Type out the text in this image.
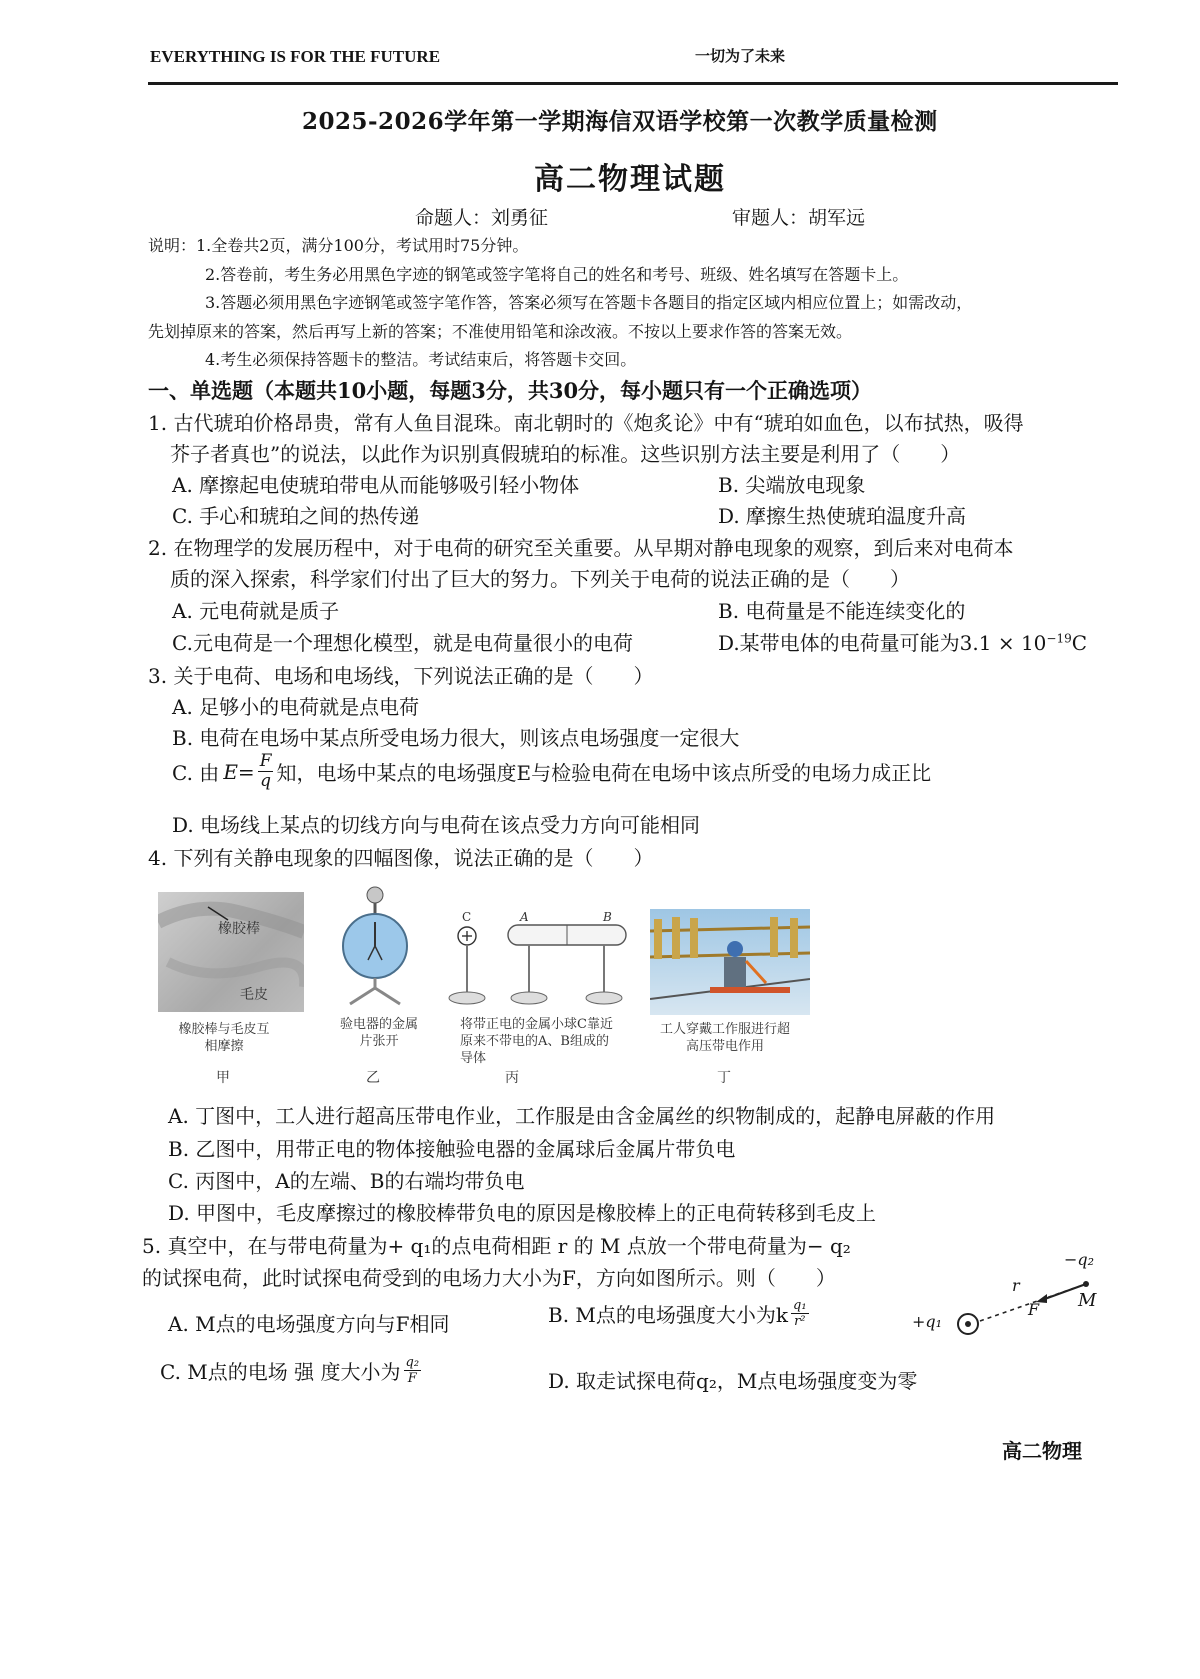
EVERYTHING IS FOR THE FUTURE	一切为了未来
2025-2026学年第一学期海信双语学校第一次教学质量检测
高二物理试题
命题人：刘勇征	审题人：胡军远
说明：1.全卷共2页，满分100分，考试用时75分钟。
2.答卷前，考生务必用黑色字迹的钢笔或签字笔将自己的姓名和考号、班级、姓名填写在答题卡上。
3.答题必须用黑色字迹钢笔或签字笔作答，答案必须写在答题卡各题目的指定区域内相应位置上；如需改动，
先划掉原来的答案，然后再写上新的答案；不准使用铅笔和涂改液。不按以上要求作答的答案无效。
4.考生必须保持答题卡的整洁。考试结束后，将答题卡交回。
一、单选题（本题共10小题，每题3分，共30分，每小题只有一个正确选项）
1. 古代琥珀价格昂贵，常有人鱼目混珠。南北朝时的《炮炙论》中有“琥珀如血色，以布拭热，吸得
芥子者真也”的说法，以此作为识别真假琥珀的标准。这些识别方法主要是利用了（　　）
A. 摩擦起电使琥珀带电从而能够吸引轻小物体	B. 尖端放电现象
C. 手心和琥珀之间的热传递	D. 摩擦生热使琥珀温度升高
2. 在物理学的发展历程中，对于电荷的研究至关重要。从早期对静电现象的观察，到后来对电荷本
质的深入探索，科学家们付出了巨大的努力。下列关于电荷的说法正确的是（　　）
A. 元电荷就是质子	B. 电荷量是不能连续变化的
C.元电荷是一个理想化模型，就是电荷量很小的电荷	D.某带电体的电荷量可能为$3.1 \times 10^{-19}C$
3. 关于电荷、电场和电场线，下列说法正确的是（　　）
A. 足够小的电荷就是点电荷
B. 电荷在电场中某点所受电场力很大，则该点电场强度一定很大
C. 由 $E = \frac{F}{q}$ 知，电场中某点的电场强度E与检验电荷在电场中该点所受的电场力成正比
D. 电场线上某点的切线方向与电荷在该点受力方向可能相同
4. 下列有关静电现象的四幅图像，说法正确的是（　　）
橡胶棒
毛皮
橡胶棒与毛皮互相摩擦
甲
验电器的金属片张开
乙
C	A	B
将带正电的金属小球C靠近原来不带电的A、B组成的导体
丙
工人穿戴工作服进行超高压带电作用
丁
A. 丁图中，工人进行超高压带电作业，工作服是由含金属丝的织物制成的，起静电屏蔽的作用
B. 乙图中，用带正电的物体接触验电器的金属球后金属片带负电
C. 丙图中，A的左端、B的右端均带负电
D. 甲图中，毛皮摩擦过的橡胶棒带负电的原因是橡胶棒上的正电荷转移到毛皮上
5. 真空中，在与带电荷量为+ q₁的点电荷相距 r 的 M 点放一个带电荷量为− q₂
的试探电荷，此时试探电荷受到的电场力大小为F，方向如图所示。则（　　）
A. M点的电场强度方向与F相同	B. M点的电场强度大小为k $\frac{\text{q₁}}{\text{r²}}$
C. M点的电场 强 度大小为 $\frac{\text{q₂}}{F}$	D. 取走试探电荷q₂，M点电场强度变为零
+q₁
−q₂
r
F M
高二物理
